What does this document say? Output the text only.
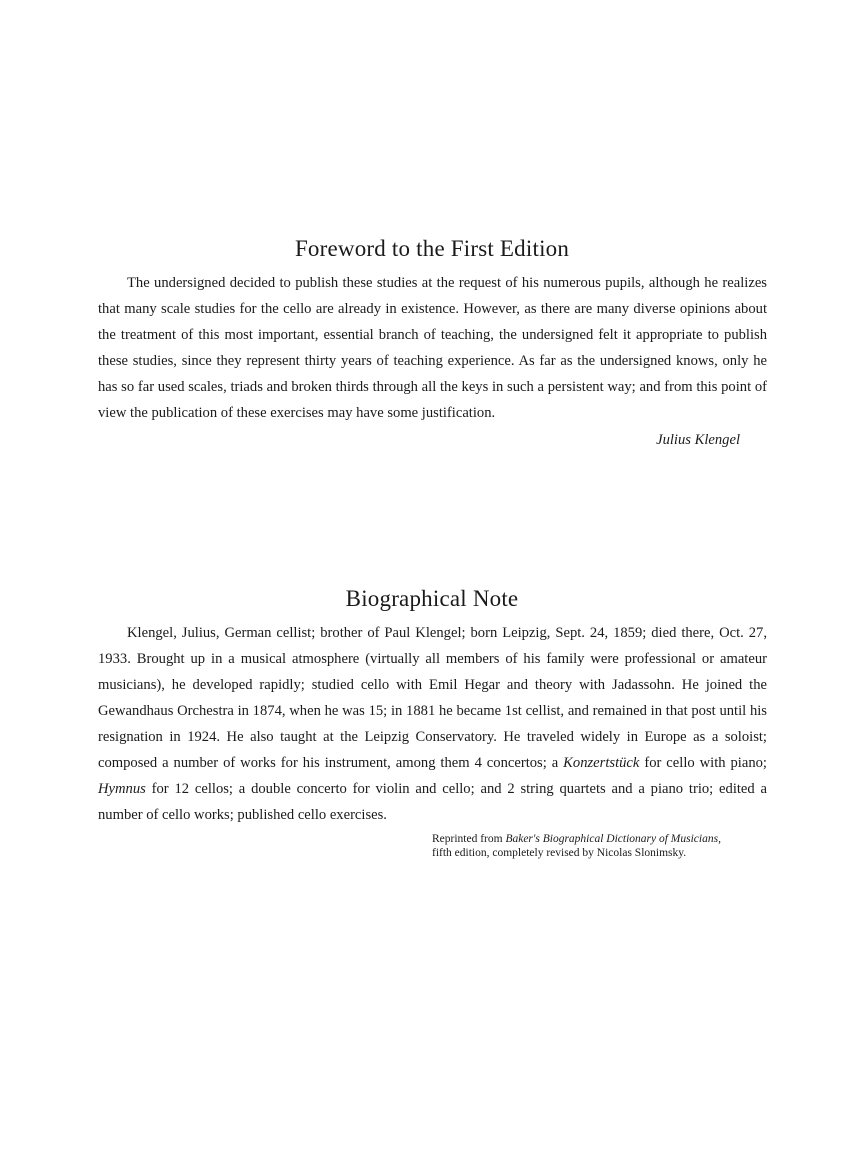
Foreword to the First Edition

The undersigned decided to publish these studies at the request of his numerous pupils, although he realizes that many scale studies for the cello are already in existence. However, as there are many diverse opinions about the treatment of this most important, essential branch of teaching, the undersigned felt it appropriate to publish these studies, since they represent thirty years of teaching experience. As far as the undersigned knows, only he has so far used scales, triads and broken thirds through all the keys in such a persistent way; and from this point of view the publication of these exercises may have some justification.

Julius Klengel
Biographical Note

Klengel, Julius, German cellist; brother of Paul Klengel; born Leipzig, Sept. 24, 1859; died there, Oct. 27, 1933. Brought up in a musical atmosphere (virtually all members of his family were professional or amateur musicians), he developed rapidly; studied cello with Emil Hegar and theory with Jadassohn. He joined the Gewandhaus Orchestra in 1874, when he was 15; in 1881 he became 1st cellist, and remained in that post until his resignation in 1924. He also taught at the Leipzig Conservatory. He traveled widely in Europe as a soloist; composed a number of works for his instrument, among them 4 concertos; a Konzertstück for cello with piano; Hymnus for 12 cellos; a double concerto for violin and cello; and 2 string quartets and a piano trio; edited a number of cello works; published cello exercises.

Reprinted from Baker's Biographical Dictionary of Musicians,
fifth edition, completely revised by Nicolas Slonimsky.
